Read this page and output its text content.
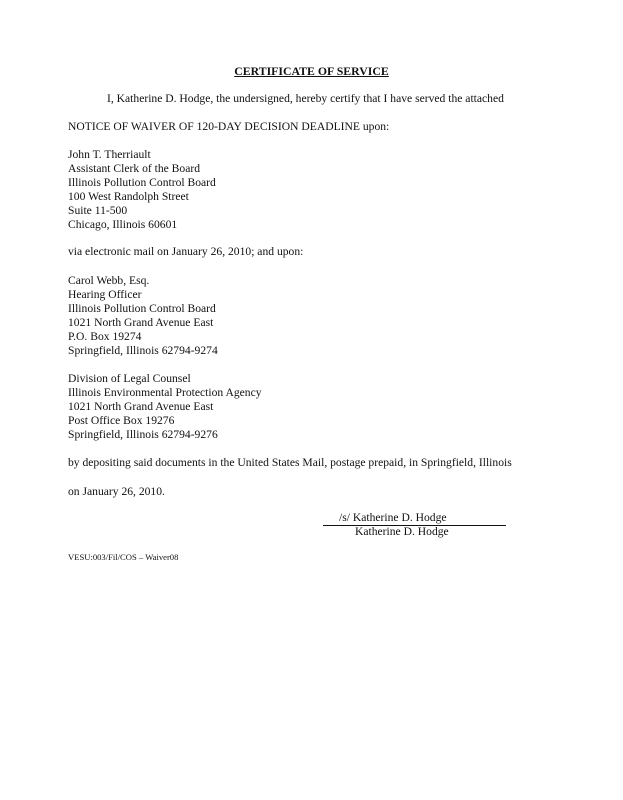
CERTIFICATE OF SERVICE

I, Katherine D. Hodge, the undersigned, hereby certify that I have served the attached

NOTICE OF WAIVER OF 120-DAY DECISION DEADLINE upon:

John T. Therriault
Assistant Clerk of the Board
Illinois Pollution Control Board
100 West Randolph Street
Suite 11-500
Chicago, Illinois 60601

via electronic mail on January 26, 2010; and upon:

Carol Webb, Esq.
Hearing Officer
Illinois Pollution Control Board
1021 North Grand Avenue East
P.O. Box 19274
Springfield, Illinois 62794-9274
Division of Legal Counsel
Illinois Environmental Protection Agency
1021 North Grand Avenue East
Post Office Box 19276
Springfield, Illinois 62794-9276

by depositing said documents in the United States Mail, postage prepaid, in Springfield, Illinois

on January 26, 2010.

/s/ Katherine D. Hodge

Katherine D. Hodge

VESU:003/Fil/COS – Waiver08
